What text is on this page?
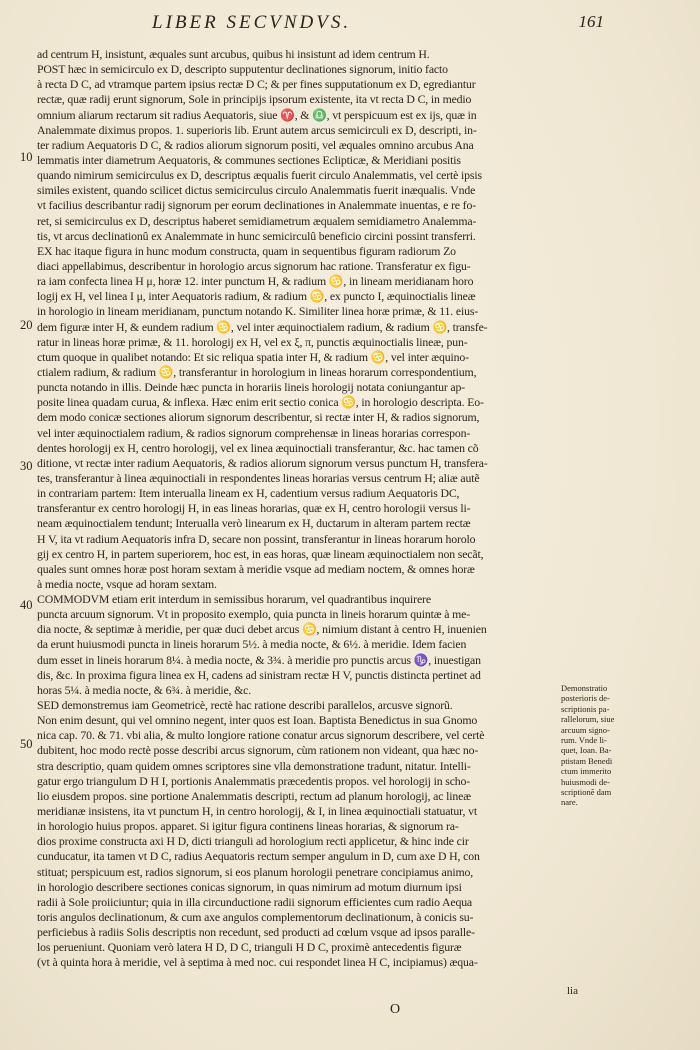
LIBER SECVNDVS.	161
10
20
30
40
50
ad centrum H, insistunt, æquales sunt arcubus, quibus hi insistunt ad idem centrum H.
POST hæc in semicirculo ex D, descripto supputentur declinationes signorum, initio facto
à recta D C, ad vtramque partem ipsius rectæ D C; & per fines supputationum ex D, egrediantur
rectæ, quæ radij erunt signorum, Sole in principijs ipsorum existente, ita vt recta D C, in medio
omnium aliarum rectarum sit radius Aequatoris, siue ♈, & ♎, vt perspicuum est ex ijs, quæ in
Analemmate diximus propos. 1. superioris lib. Erunt autem arcus semicirculi ex D, descripti, in-
ter radium Aequatoris D C, & radios aliorum signorum positi, vel æquales omnino arcubus Ana
lemmatis inter diametrum Aequatoris, & communes sectiones Eclipticæ, & Meridiani positis
quando nimirum semicirculus ex D, descriptus æqualis fuerit circulo Analemmatis, vel certè ipsis
similes existent, quando scilicet dictus semicirculus circulo Analemmatis fuerit inæqualis. Vnde
vt facilius describantur radij signorum per eorum declinationes in Analemmate inuentas, e re fo-
ret, si semicirculus ex D, descriptus haberet semidiametrum æqualem semidiametro Analemma-
tis, vt arcus declinationû ex Analemmate in hunc semicirculû beneficio circini possint transferri.
EX hac itaque figura in hunc modum constructa, quam in sequentibus figuram radiorum Zo
diaci appellabimus, describentur in horologio arcus signorum hac ratione. Transferatur ex figu-
ra iam confecta linea H μ, horæ 12. inter punctum H, & radium ♋, in lineam meridianam horo
logij ex H, vel linea I μ, inter Aequatoris radium, & radium ♋, ex puncto I, æquinoctialis lineæ
in horologio in lineam meridianam, punctum notando K. Similiter linea horæ primæ, & 11. eius-
dem figuræ inter H, & eundem radium ♋, vel inter æquinoctialem radium, & radium ♋, transfe-
ratur in lineas horæ primæ, & 11. horologij ex H, vel ex ξ, π, punctis æquinoctialis lineæ, pun-
ctum quoque in qualibet notando: Et sic reliqua spatia inter H, & radium ♋, vel inter æquino-
ctialem radium, & radium ♋, transferantur in horologium in lineas horarum correspondentium,
puncta notando in illis. Deinde hæc puncta in horariis lineis horologij notata coniungantur ap-
posite linea quadam curua, & inflexa. Hæc enim erit sectio conica ♋, in horologio descripta. Eo-
dem modo conicæ sectiones aliorum signorum describentur, si rectæ inter H, & radios signorum,
vel inter æquinoctialem radium, & radios signorum comprehensæ in lineas horarias correspon-
dentes horologij ex H, centro horologij, vel ex linea æquinoctiali transferantur, &c. hac tamen cõ
ditione, vt rectæ inter radium Aequatoris, & radios aliorum signorum versus punctum H, transfera-
tes, transferantur à linea æquinoctiali in respondentes lineas horarias versus centrum H; aliæ autẽ
in contrariam partem: Item interualla lineam ex H, cadentium versus radium Aequatoris DC,
transferantur ex centro horologij H, in eas lineas horarias, quæ ex H, centro horologii versus li-
neam æquinoctialem tendunt; Interualla verò linearum ex H, ductarum in alteram partem rectæ
H V, ita vt radium Aequatoris infra D, secare non possint, transferantur in lineas horarum horolo
gij ex centro H, in partem superiorem, hoc est, in eas horas, quæ lineam æquinoctialem non secãt,
quales sunt omnes horæ post horam sextam à meridie vsque ad mediam noctem, & omnes horæ
à media nocte, vsque ad horam sextam.
COMMODVM etiam erit interdum in semissibus horarum, vel quadrantibus inquirere
puncta arcuum signorum. Vt in proposito exemplo, quia puncta in lineis horarum quintæ à me-
dia nocte, & septimæ à meridie, per quæ duci debet arcus ♋, nimium distant à centro H, inuenien
da erunt huiusmodi puncta in lineis horarum 5½. à media nocte, & 6½. à meridie. Idem facien
dum esset in lineis horarum 8¼. à media nocte, & 3¾. à meridie pro punctis arcus ♑, inuestigan
dis, &c. In proxima figura linea ex H, cadens ad sinistram rectæ H V, punctis distincta pertinet ad
horas 5¼. à media nocte, & 6¾. à meridie, &c.
SED demonstremus iam Geometricè, rectè hac ratione describi parallelos, arcusve signorũ.
Non enim desunt, qui vel omnino negent, inter quos est Ioan. Baptista Benedictus in sua Gnomo
nica cap. 70. & 71. vbi alia, & multo longiore ratione conatur arcus signorum describere, vel certè
dubitent, hoc modo rectè posse describi arcus signorum, cùm rationem non videant, qua hæc no-
stra descriptio, quam quidem omnes scriptores sine vlla demonstratione tradunt, nitatur. Intelli-
gatur ergo triangulum D H I, portionis Analemmatis præcedentis propos. vel horologij in scho-
lio eiusdem propos. sine portione Analemmatis descripti, rectum ad planum horologij, ac lineæ
meridianæ insistens, ita vt punctum H, in centro horologij, & I, in linea æquinoctiali statuatur, vt
in horologio huius propos. apparet. Si igitur figura continens lineas horarias, & signorum ra-
dios proxime constructa axi H D, dicti trianguli ad horologium recti applicetur, & hinc inde cir
cunducatur, ita tamen vt D C, radius Aequatoris rectum semper angulum in D, cum axe D H, con
stituat; perspicuum est, radios signorum, si eos planum horologii penetrare concipiamus animo,
in horologio describere sectiones conicas signorum, in quas nimirum ad motum diurnum ipsi
radii à Sole proiiciuntur; quia in illa circunductione radii signorum efficientes cum radio Aequa
toris angulos declinationum, & cum axe angulos complementorum declinationum, à conicis su-
perficiebus à radiis Solis descriptis non recedunt, sed producti ad cœlum vsque ad ipsos paralle-
los perueniunt. Quoniam verò latera H D, D C, trianguli H D C, proximè antecedentis figuræ
(vt à quinta hora à meridie, vel à septima à med noc. cui respondet linea H C, incipiamus) æqua-
Demonstratio
posterioris de-
scriptionis pa-
rallelorum, siue
arcuum signo-
rum. Vnde li-
quet, Ioan. Ba-
ptistam Benedi
ctum immerito
huiusmodi de-
scriptionẽ dam
nare.
lia
O
